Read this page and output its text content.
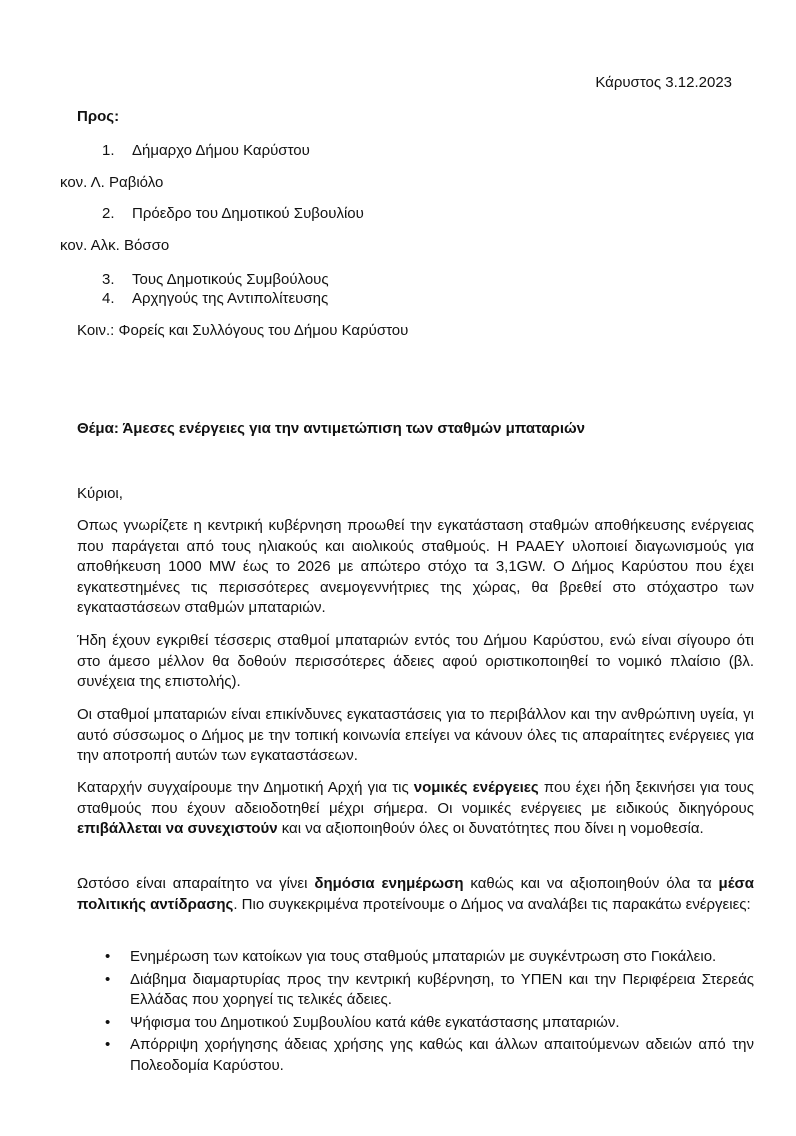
Κάρυστος 3.12.2023
Προς:
1. Δήμαρχο Δήμου Καρύστου
κον. Λ. Ραβιόλο
2. Πρόεδρο του Δημοτικού Συβουλίου
κον. Αλκ. Βόσσο
3. Τους Δημοτικούς Συμβούλους
4. Αρχηγούς της Αντιπολίτευσης
Κοιν.: Φορείς και Συλλόγους του Δήμου Καρύστου
Θέμα: Άμεσες ενέργειες για την αντιμετώπιση των σταθμών μπαταριών
Κύριοι,

Οπως γνωρίζετε η κεντρική κυβέρνηση προωθεί την εγκατάσταση σταθμών αποθήκευσης ενέργειας που παράγεται από τους ηλιακούς και αιολικούς σταθμούς. Η ΡΑΑΕΥ υλοποιεί διαγωνισμούς για αποθήκευση 1000 MW έως το 2026 με απώτερο στόχο τα 3,1GW. Ο Δήμος Καρύστου που έχει εγκατεστημένες τις περισσότερες ανεμογεννήτριες της χώρας, θα βρεθεί στο στόχαστρο των εγκαταστάσεων σταθμών μπαταριών.

Ήδη έχουν εγκριθεί τέσσερις σταθμοί μπαταριών εντός του Δήμου Καρύστου, ενώ είναι σίγουρο ότι στο άμεσο μέλλον θα δοθούν περισσότερες άδειες αφού οριστικοποιηθεί το νομικό πλαίσιο (βλ. συνέχεια της επιστολής).

Οι σταθμοί μπαταριών είναι επικίνδυνες εγκαταστάσεις για το περιβάλλον και την ανθρώπινη υγεία, γι αυτό σύσσωμος ο Δήμος με την τοπική κοινωνία επείγει να κάνουν όλες τις απαραίτητες ενέργειες για την αποτροπή αυτών των εγκαταστάσεων.

Καταρχήν συγχαίρουμε την Δημοτική Αρχή για τις νομικές ενέργειες που έχει ήδη ξεκινήσει για τους σταθμούς που έχουν αδειοδοτηθεί μέχρι σήμερα. Οι νομικές ενέργειες με ειδικούς δικηγόρους επιβάλλεται να συνεχιστούν και να αξιοποιηθούν όλες οι δυνατότητες που δίνει η νομοθεσία.

Ωστόσο είναι απαραίτητο να γίνει δημόσια ενημέρωση καθώς και να αξιοποιηθούν όλα τα μέσα πολιτικής αντίδρασης. Πιο συγκεκριμένα προτείνουμε ο Δήμος να αναλάβει τις παρακάτω ενέργειες:

• Ενημέρωση των κατοίκων για τους σταθμούς μπαταριών με συγκέντρωση στο Γιοκάλειο.
• Διάβημα διαμαρτυρίας προς την κεντρική κυβέρνηση, το ΥΠΕΝ και την Περιφέρεια Στερεάς Ελλάδας που χορηγεί τις τελικές άδειες.
• Ψήφισμα του Δημοτικού Συμβουλίου κατά κάθε εγκατάστασης μπαταριών.
• Απόρριψη χορήγησης άδειας χρήσης γης καθώς και άλλων απαιτούμενων αδειών από την Πολεοδομία Καρύστου.
